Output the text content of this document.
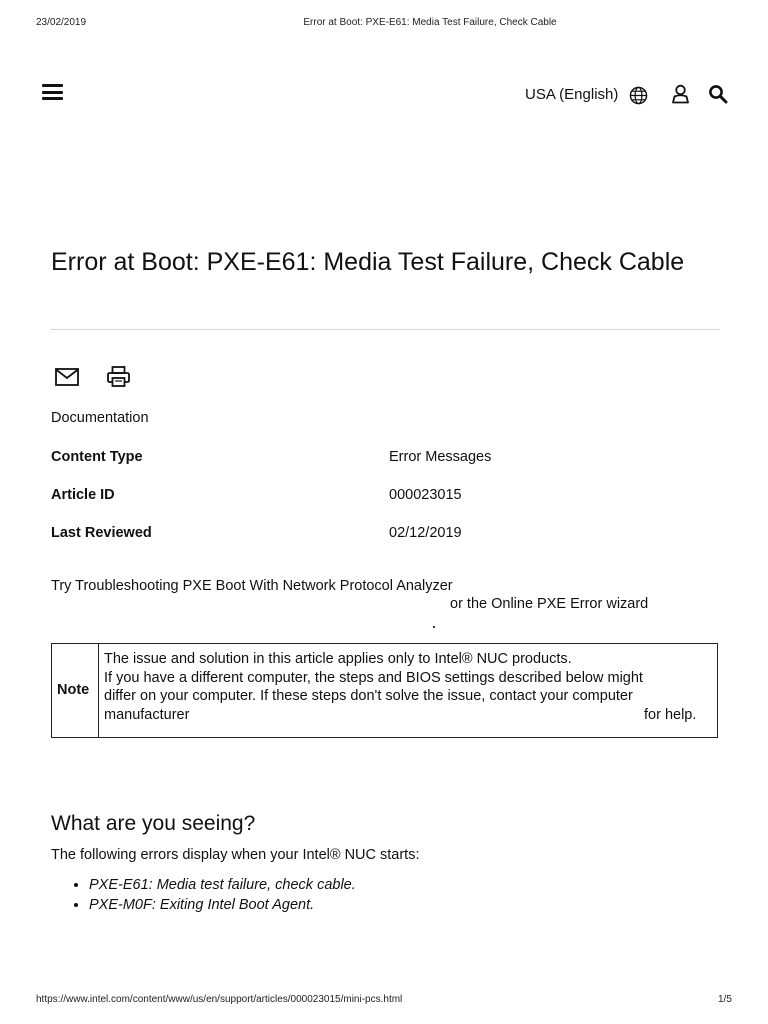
23/02/2019	Error at Boot: PXE-E61: Media Test Failure, Check Cable
USA (English)
Error at Boot: PXE-E61: Media Test Failure, Check Cable
Documentation
Content Type	Error Messages
Article ID	000023015
Last Reviewed	02/12/2019
Try Troubleshooting PXE Boot With Network Protocol Analyzer
or the Online PXE Error wizard
Note
The issue and solution in this article applies only to Intel® NUC products.
If you have a different computer, the steps and BIOS settings described below might
differ on your computer. If these steps don't solve the issue, contact your computer
manufacturer	for help.
What are you seeing?
The following errors display when your Intel® NUC starts:
• PXE-E61: Media test failure, check cable.
• PXE-M0F: Exiting Intel Boot Agent.
https://www.intel.com/content/www/us/en/support/articles/000023015/mini-pcs.html	1/5
